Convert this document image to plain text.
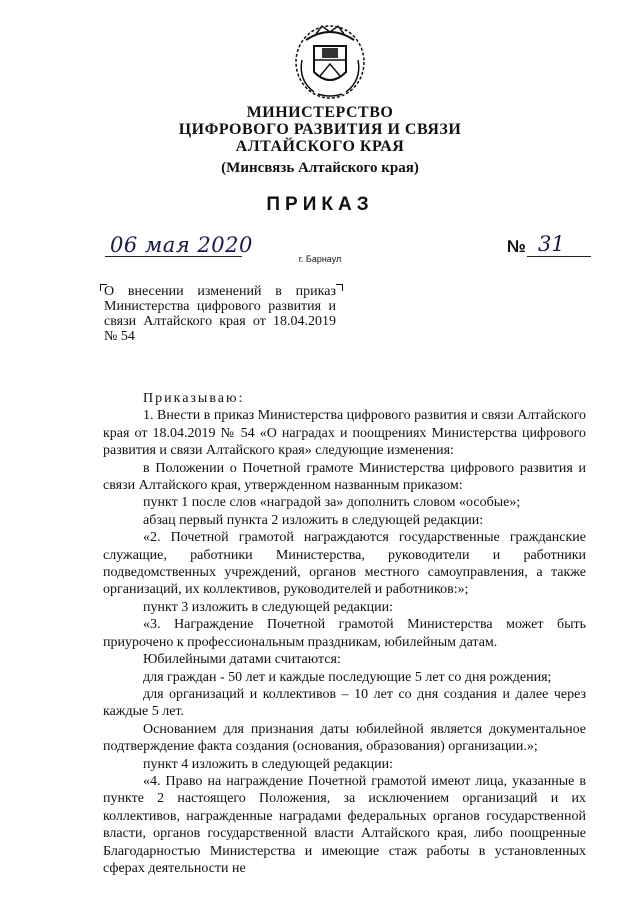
МИНИСТЕРСТВО
ЦИФРОВОГО РАЗВИТИЯ И СВЯЗИ
АЛТАЙСКОГО КРАЯ
(Минсвязь Алтайского края)
ПРИКАЗ
06 мая 2020	№ 31
г. Барнаул
О внесении изменений в приказ Министерства цифрового развития и связи Алтайского края от 18.04.2019 № 54

Приказываю:

1. Внести в приказ Министерства цифрового развития и связи Алтайского края от 18.04.2019 № 54 «О наградах и поощрениях Министерства цифрового развития и связи Алтайского края» следующие изменения:

в Положении о Почетной грамоте Министерства цифрового развития и связи Алтайского края, утвержденном названным приказом:

пункт 1 после слов «наградой за» дополнить словом «особые»;

абзац первый пункта 2 изложить в следующей редакции:

«2. Почетной грамотой награждаются государственные гражданские служащие, работники Министерства, руководители и работники подведомственных учреждений, органов местного самоуправления, а также организаций, их коллективов, руководителей и работников:»;

пункт 3 изложить в следующей редакции:

«3. Награждение Почетной грамотой Министерства может быть приурочено к профессиональным праздникам, юбилейным датам.

Юбилейными датами считаются:

для граждан - 50 лет и каждые последующие 5 лет со дня рождения;

для организаций и коллективов – 10 лет со дня создания и далее через каждые 5 лет.

Основанием для признания даты юбилейной является документальное подтверждение факта создания (основания, образования) организации.»;

пункт 4 изложить в следующей редакции:

«4. Право на награждение Почетной грамотой имеют лица, указанные в пункте 2 настоящего Положения, за исключением организаций и их коллективов, награжденные наградами федеральных органов государственной власти, органов государственной власти Алтайского края, либо поощренные Благодарностью Министерства и имеющие стаж работы в установленных сферах деятельности не
